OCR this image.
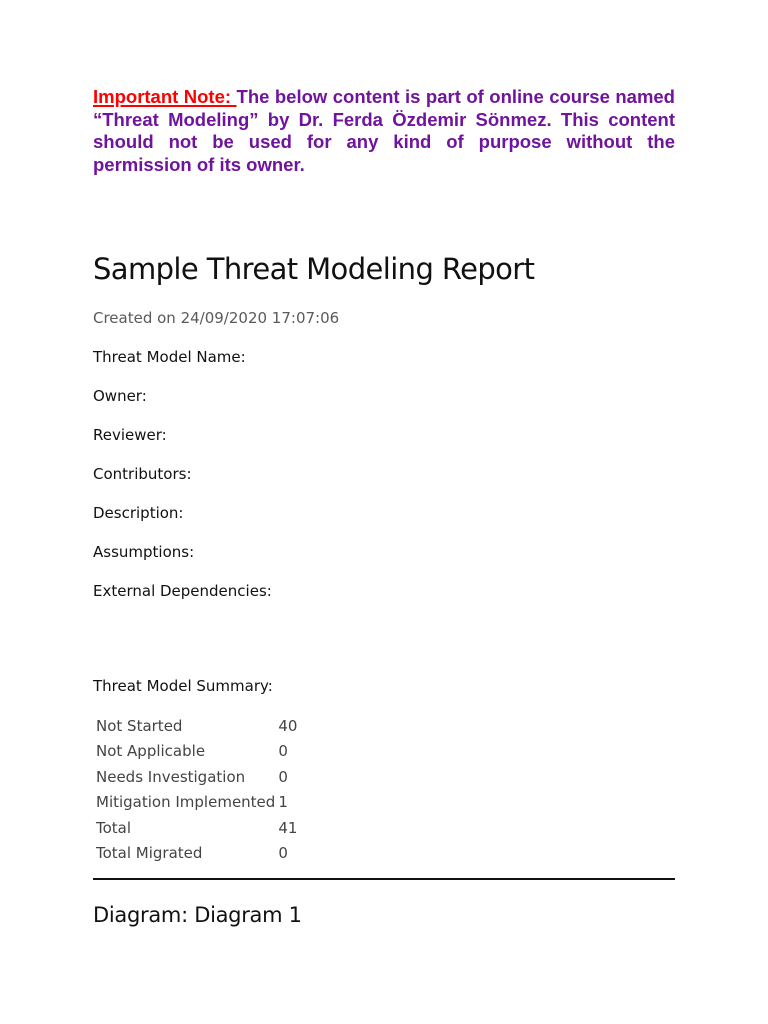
Important Note: The below content is part of online course named “Threat Modeling” by Dr. Ferda Özdemir Sönmez. This content should not be used for any kind of purpose without the permission of its owner.

Sample Threat Modeling Report

Created on 24/09/2020 17:07:06

Threat Model Name:

Owner:

Reviewer:

Contributors:

Description:

Assumptions:

External Dependencies:

Threat Model Summary:

Not Started	40
Not Applicable	0
Needs Investigation	0
Mitigation Implemented	1
Total	41
Total Migrated	0
Diagram: Diagram 1
